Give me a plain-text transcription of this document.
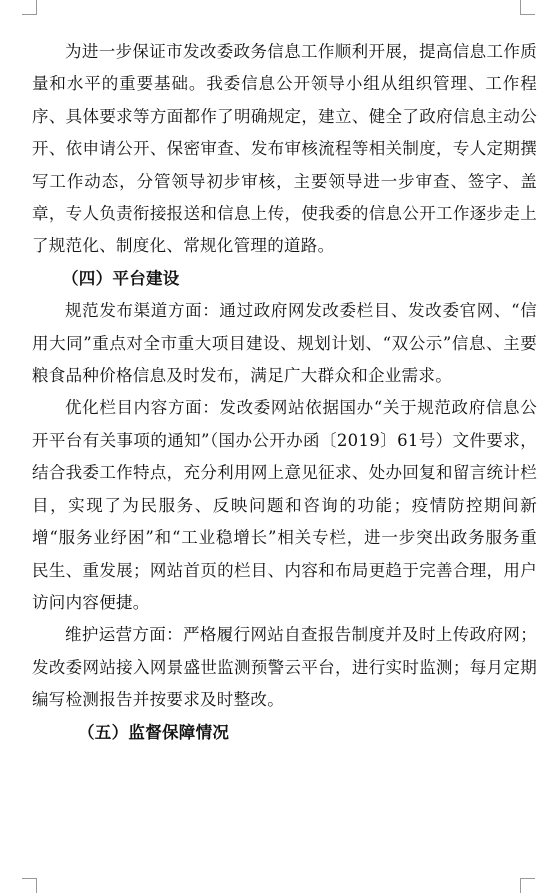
为进一步保证市发改委政务信息工作顺利开展，提高信息工作质量和水平的重要基础。我委信息公开领导小组从组织管理、工作程序、具体要求等方面都作了明确规定，建立、健全了政府信息主动公开、依申请公开、保密审查、发布审核流程等相关制度，专人定期撰写工作动态，分管领导初步审核，主要领导进一步审查、签字、盖章，专人负责衔接报送和信息上传，使我委的信息公开工作逐步走上了规范化、制度化、常规化管理的道路。

（四）平台建设

规范发布渠道方面：通过政府网发改委栏目、发改委官网、“信用大同”重点对全市重大项目建设、规划计划、“双公示”信息、主要粮食品种价格信息及时发布，满足广大群众和企业需求。

优化栏目内容方面：发改委网站依据国办“关于规范政府信息公开平台有关事项的通知”（国办公开办函〔2019〕61号）文件要求，结合我委工作特点，充分利用网上意见征求、处办回复和留言统计栏目，实现了为民服务、反映问题和咨询的功能；疫情防控期间新增“服务业纾困”和“工业稳增长”相关专栏，进一步突出政务服务重民生、重发展；网站首页的栏目、内容和布局更趋于完善合理，用户访问内容便捷。

维护运营方面：严格履行网站自查报告制度并及时上传政府网；发改委网站接入网景盛世监测预警云平台，进行实时监测；每月定期编写检测报告并按要求及时整改。

（五）监督保障情况
